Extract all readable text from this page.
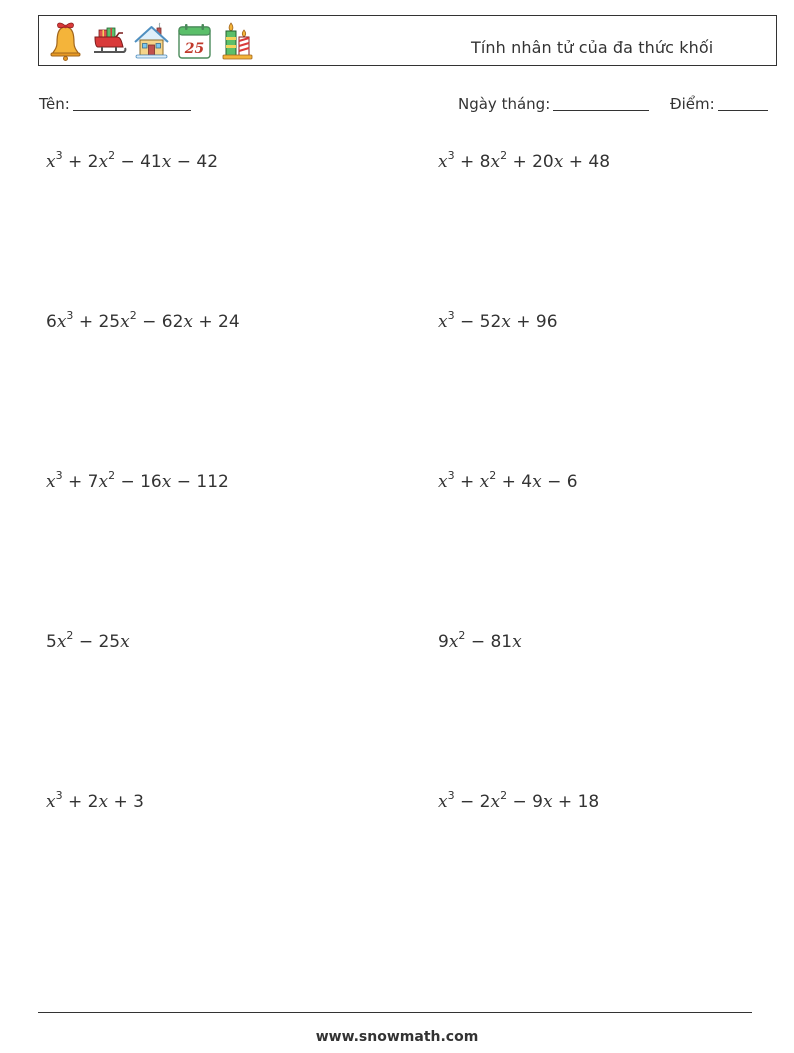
25	Tính nhân tử của đa thức khối
Tên:	Ngày tháng:	Điểm:
$x^3 + 2x^2 - 41x - 42$	$x^3 + 8x^2 + 20x + 48$
$6x^3 + 25x^2 - 62x + 24$	$x^3 - 52x + 96$
$x^3 + 7x^2 - 16x - 112$	$x^3 + x^2 + 4x - 6$
$5x^2 - 25x$	$9x^2 - 81x$
$x^3 + 2x + 3$	$x^3 - 2x^2 - 9x + 18$
www.snowmath.com
